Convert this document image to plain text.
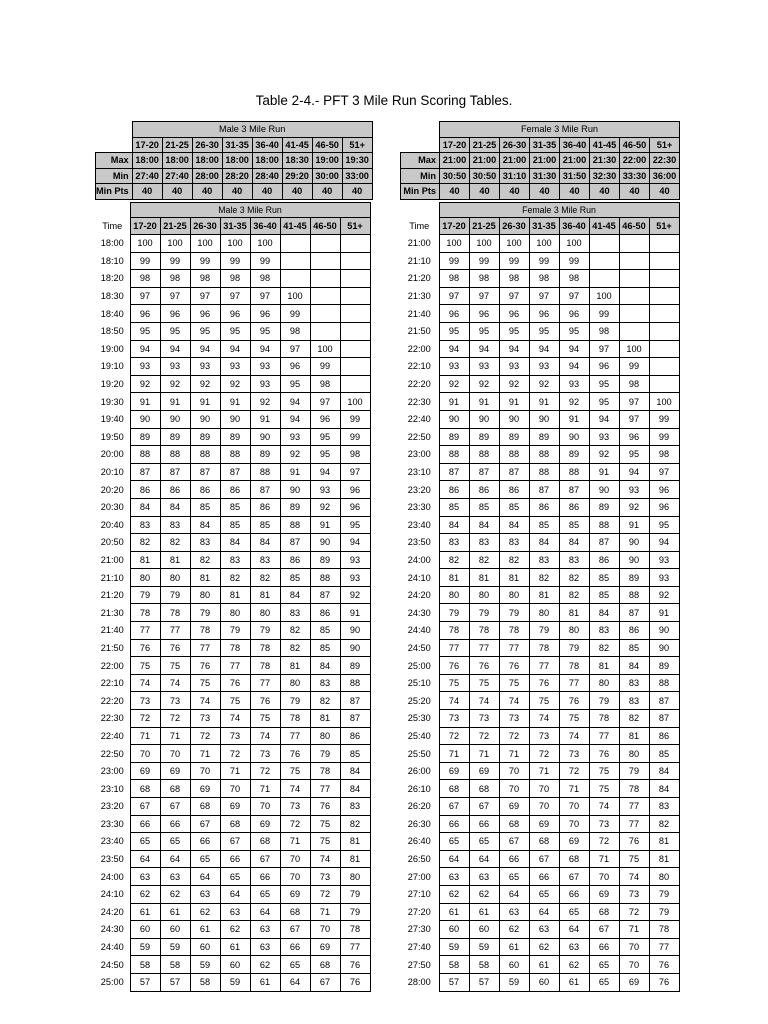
Table 2-4.- PFT 3 Mile Run Scoring Tables.
	Male 3 Mile Run							
	17-20	21-25	26-30	31-35	36-40	41-45	46-50	51+
Max	18:00	18:00	18:00	18:00	18:00	18:30	19:00	19:30
Min	27:40	27:40	28:00	28:20	28:40	29:20	30:00	33:00
Min Pts	40	40	40	40	40	40	40	40
	Female 3 Mile Run							
	17-20	21-25	26-30	31-35	36-40	41-45	46-50	51+
Max	21:00	21:00	21:00	21:00	21:00	21:30	22:00	22:30
Min	30:50	30:50	31:10	31:30	31:50	32:30	33:30	36:00
Min Pts	40	40	40	40	40	40	40	40
	Male 3 Mile Run							
Time	17-20	21-25	26-30	31-35	36-40	41-45	46-50	51+
18:00	100	100	100	100	100			
18:10	99	99	99	99	99			
18:20	98	98	98	98	98			
18:30	97	97	97	97	97	100		
18:40	96	96	96	96	96	99		
18:50	95	95	95	95	95	98		
19:00	94	94	94	94	94	97	100	
19:10	93	93	93	93	93	96	99	
19:20	92	92	92	92	93	95	98	
19:30	91	91	91	91	92	94	97	100
19:40	90	90	90	90	91	94	96	99
19:50	89	89	89	89	90	93	95	99
20:00	88	88	88	88	89	92	95	98
20:10	87	87	87	87	88	91	94	97
20:20	86	86	86	86	87	90	93	96
20:30	84	84	85	85	86	89	92	96
20:40	83	83	84	85	85	88	91	95
20:50	82	82	83	84	84	87	90	94
21:00	81	81	82	83	83	86	89	93
21:10	80	80	81	82	82	85	88	93
21:20	79	79	80	81	81	84	87	92
21:30	78	78	79	80	80	83	86	91
21:40	77	77	78	79	79	82	85	90
21:50	76	76	77	78	78	82	85	90
22:00	75	75	76	77	78	81	84	89
22:10	74	74	75	76	77	80	83	88
22:20	73	73	74	75	76	79	82	87
22:30	72	72	73	74	75	78	81	87
22:40	71	71	72	73	74	77	80	86
22:50	70	70	71	72	73	76	79	85
23:00	69	69	70	71	72	75	78	84
23:10	68	68	69	70	71	74	77	84
23:20	67	67	68	69	70	73	76	83
23:30	66	66	67	68	69	72	75	82
23:40	65	65	66	67	68	71	75	81
23:50	64	64	65	66	67	70	74	81
24:00	63	63	64	65	66	70	73	80
24:10	62	62	63	64	65	69	72	79
24:20	61	61	62	63	64	68	71	79
24:30	60	60	61	62	63	67	70	78
24:40	59	59	60	61	63	66	69	77
24:50	58	58	59	60	62	65	68	76
25:00	57	57	58	59	61	64	67	76
	Female 3 Mile Run							
Time	17-20	21-25	26-30	31-35	36-40	41-45	46-50	51+
21:00	100	100	100	100	100			
21:10	99	99	99	99	99			
21:20	98	98	98	98	98			
21:30	97	97	97	97	97	100		
21:40	96	96	96	96	96	99		
21:50	95	95	95	95	95	98		
22:00	94	94	94	94	94	97	100	
22:10	93	93	93	93	94	96	99	
22:20	92	92	92	92	93	95	98	
22:30	91	91	91	91	92	95	97	100
22:40	90	90	90	90	91	94	97	99
22:50	89	89	89	89	90	93	96	99
23:00	88	88	88	88	89	92	95	98
23:10	87	87	87	88	88	91	94	97
23:20	86	86	86	87	87	90	93	96
23:30	85	85	85	86	86	89	92	96
23:40	84	84	84	85	85	88	91	95
23:50	83	83	83	84	84	87	90	94
24:00	82	82	82	83	83	86	90	93
24:10	81	81	81	82	82	85	89	93
24:20	80	80	80	81	82	85	88	92
24:30	79	79	79	80	81	84	87	91
24:40	78	78	78	79	80	83	86	90
24:50	77	77	77	78	79	82	85	90
25:00	76	76	76	77	78	81	84	89
25:10	75	75	75	76	77	80	83	88
25:20	74	74	74	75	76	79	83	87
25:30	73	73	73	74	75	78	82	87
25:40	72	72	72	73	74	77	81	86
25:50	71	71	71	72	73	76	80	85
26:00	69	69	70	71	72	75	79	84
26:10	68	68	70	70	71	75	78	84
26:20	67	67	69	70	70	74	77	83
26:30	66	66	68	69	70	73	77	82
26:40	65	65	67	68	69	72	76	81
26:50	64	64	66	67	68	71	75	81
27:00	63	63	65	66	67	70	74	80
27:10	62	62	64	65	66	69	73	79
27:20	61	61	63	64	65	68	72	79
27:30	60	60	62	63	64	67	71	78
27:40	59	59	61	62	63	66	70	77
27:50	58	58	60	61	62	65	70	76
28:00	57	57	59	60	61	65	69	76
